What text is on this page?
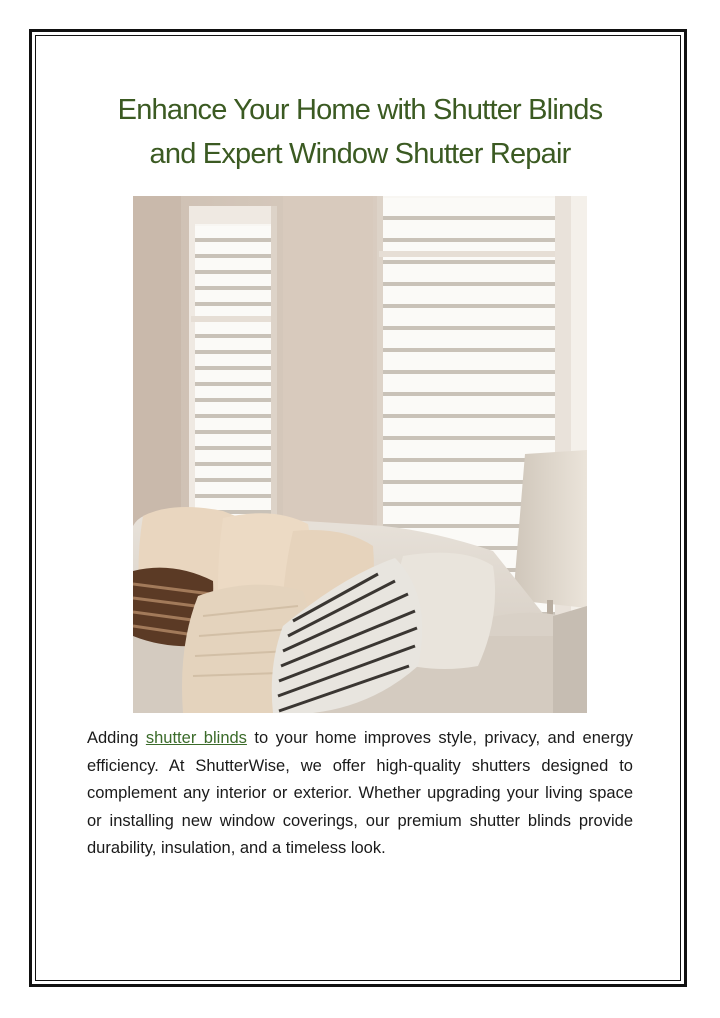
Enhance Your Home with Shutter Blinds
and Expert Window Shutter Repair

Adding shutter blinds to your home improves style, privacy, and energy efficiency. At ShutterWise, we offer high-quality shutters designed to complement any interior or exterior. Whether upgrading your living space or installing new window coverings, our premium shutter blinds provide durability, insulation, and a timeless look.
